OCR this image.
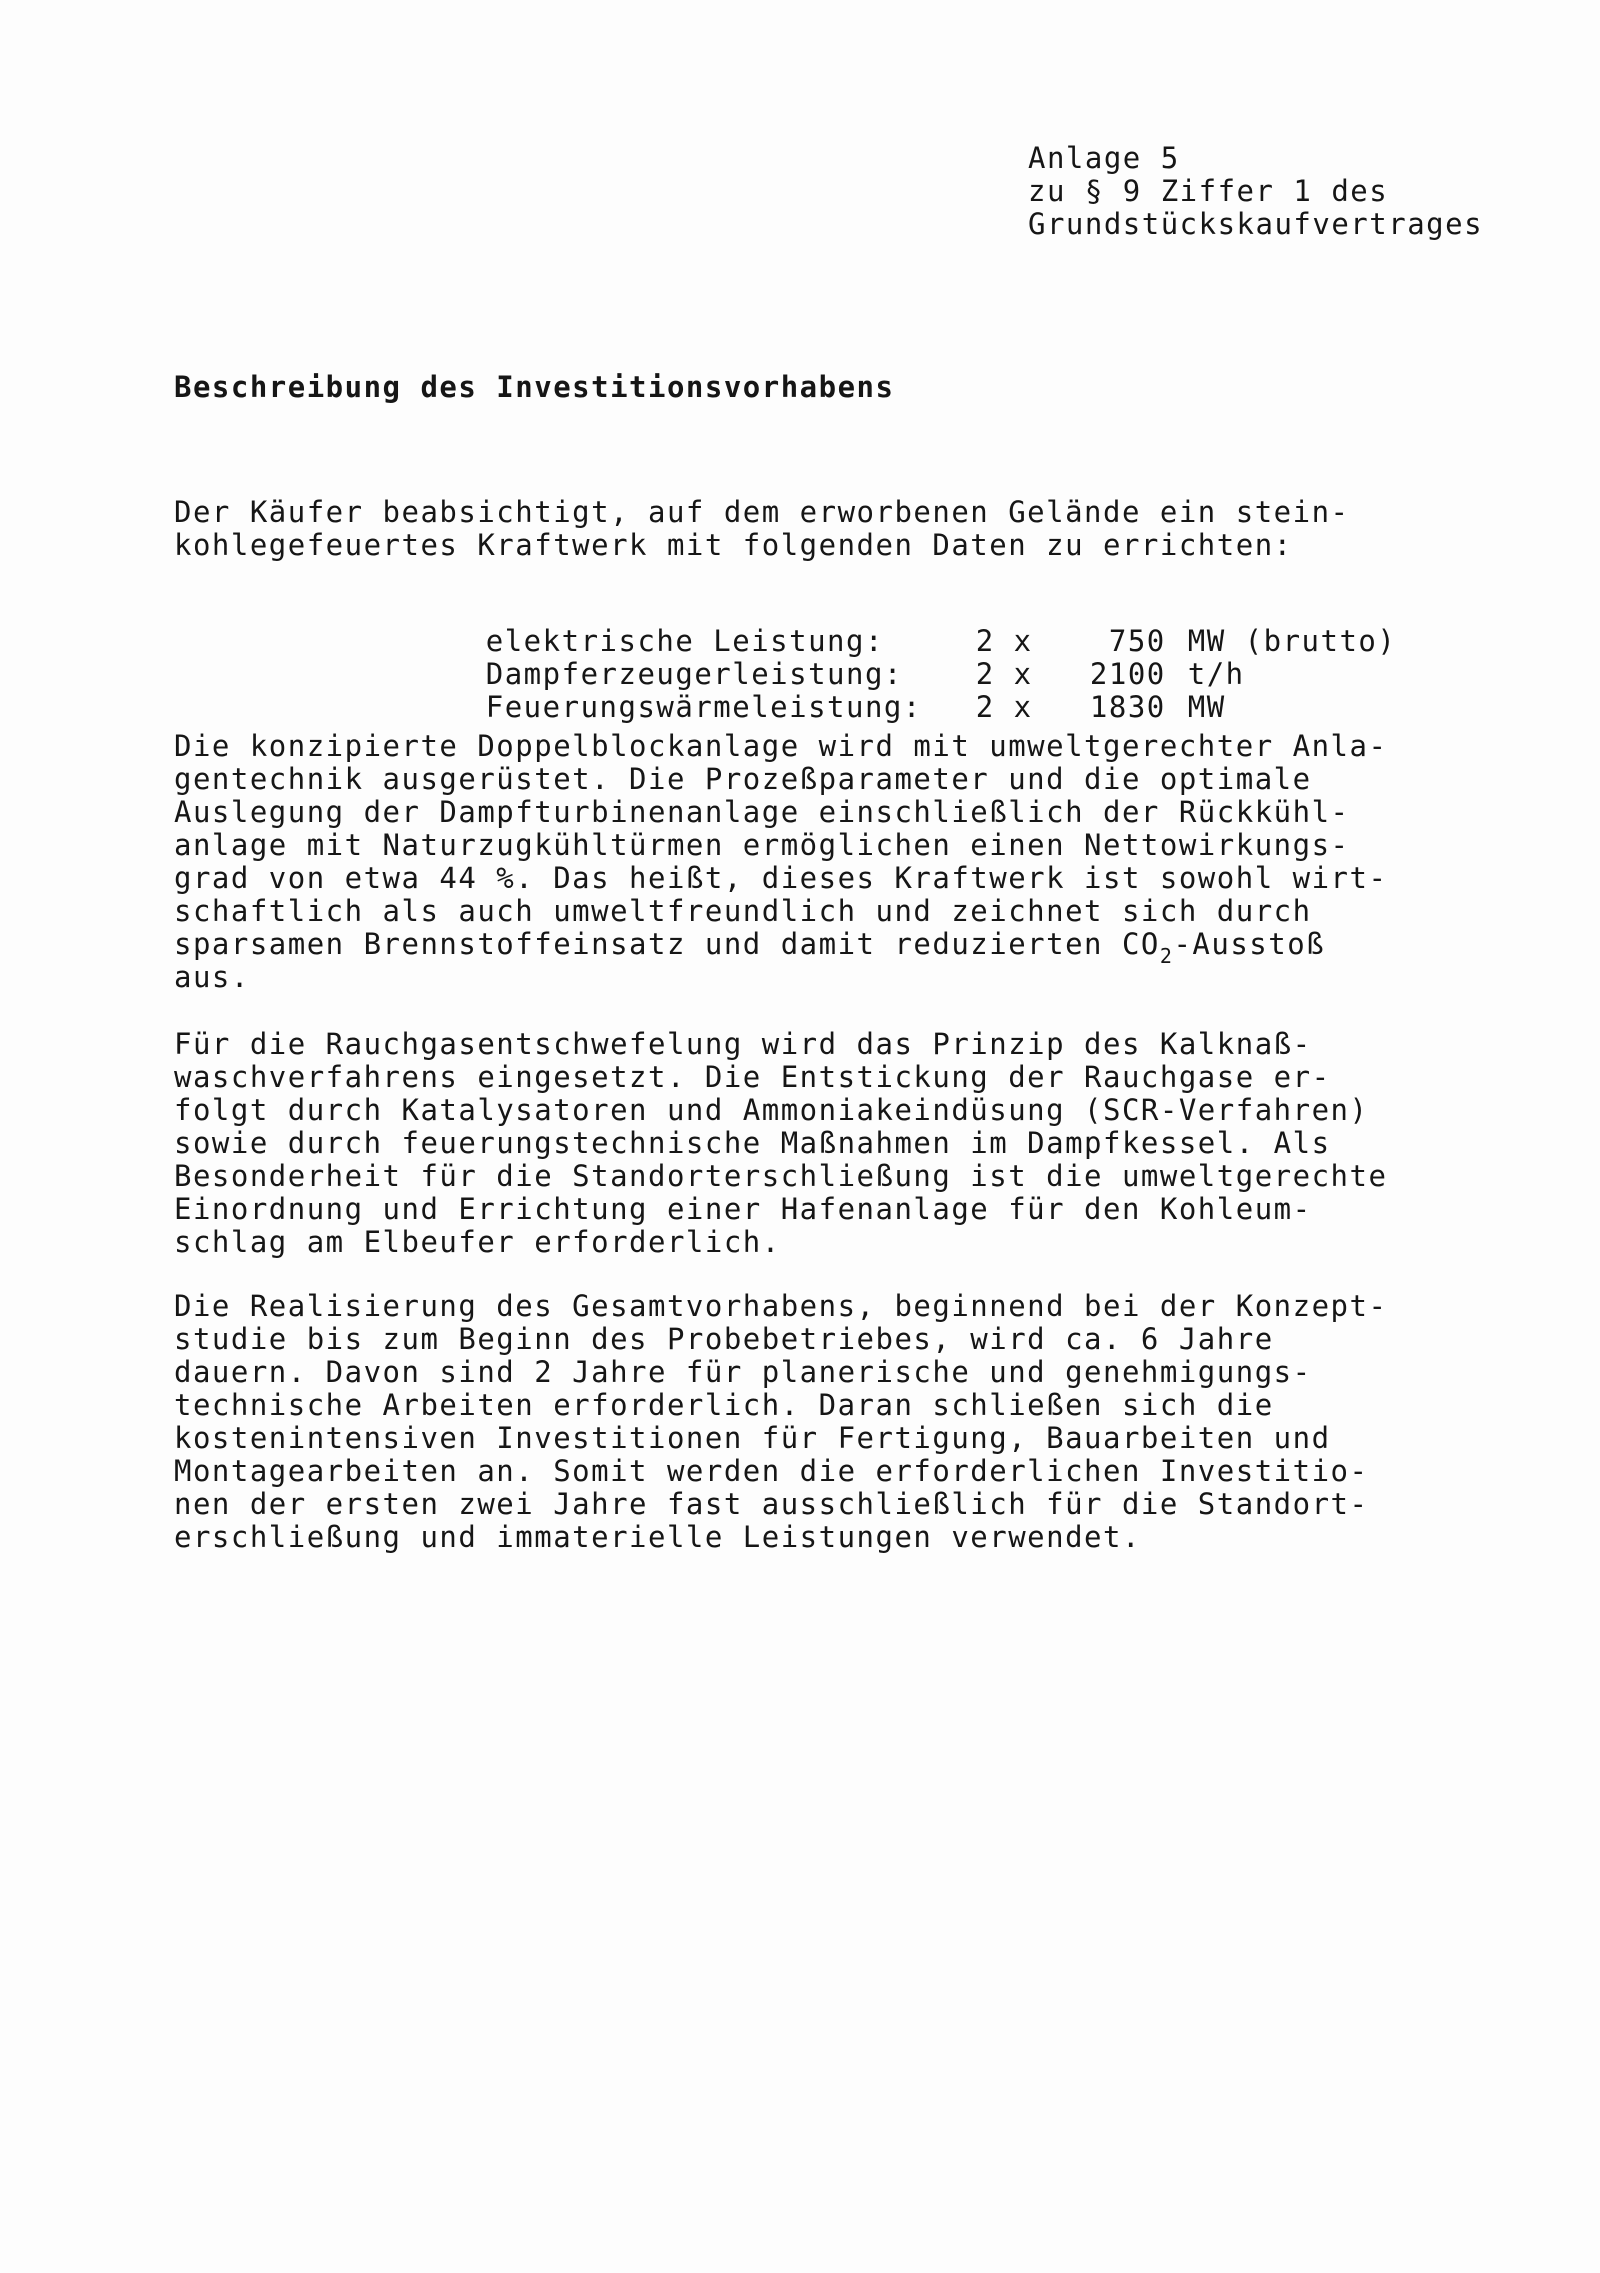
Anlage 5
zu § 9 Ziffer 1 des
Grundstückskaufvertrages
Beschreibung des Investitionsvorhabens
Der Käufer beabsichtigt, auf dem erworbenen Gelände ein stein-
kohlegefeuertes Kraftwerk mit folgenden Daten zu errichten:

elektrische Leistung:	2 x	750 MW (brutto)

Dampferzeugerleistung:	2 x 2100 t/h

Feuerungswärmeleistung: 2 x 1830 MW

Die konzipierte Doppelblockanlage wird mit umweltgerechter Anla-
gentechnik ausgerüstet. Die Prozeßparameter und die optimale
Auslegung der Dampfturbinenanlage einschließlich der Rückkühl-
anlage mit Naturzugkühltürmen ermöglichen einen Nettowirkungs-
grad von etwa 44 %. Das heißt, dieses Kraftwerk ist sowohl wirt-
schaftlich als auch umweltfreundlich und zeichnet sich durch
sparsamen Brennstoffeinsatz und damit reduzierten $CO_2$-Ausstoß
aus.
Für die Rauchgasentschwefelung wird das Prinzip des Kalknaß-
waschverfahrens eingesetzt. Die Entstickung der Rauchgase er-
folgt durch Katalysatoren und Ammoniakeindüsung (SCR-Verfahren)
sowie durch feuerungstechnische Maßnahmen im Dampfkessel. Als
Besonderheit für die Standorterschließung ist die umweltgerechte
Einordnung und Errichtung einer Hafenanlage für den Kohleum-
schlag am Elbeufer erforderlich.
Die Realisierung des Gesamtvorhabens, beginnend bei der Konzept-
studie bis zum Beginn des Probebetriebes, wird ca. 6 Jahre
dauern. Davon sind 2 Jahre für planerische und genehmigungs-
technische Arbeiten erforderlich. Daran schließen sich die
kostenintensiven Investitionen für Fertigung, Bauarbeiten und
Montagearbeiten an. Somit werden die erforderlichen Investitio-
nen der ersten zwei Jahre fast ausschließlich für die Standort-
erschließung und immaterielle Leistungen verwendet.
